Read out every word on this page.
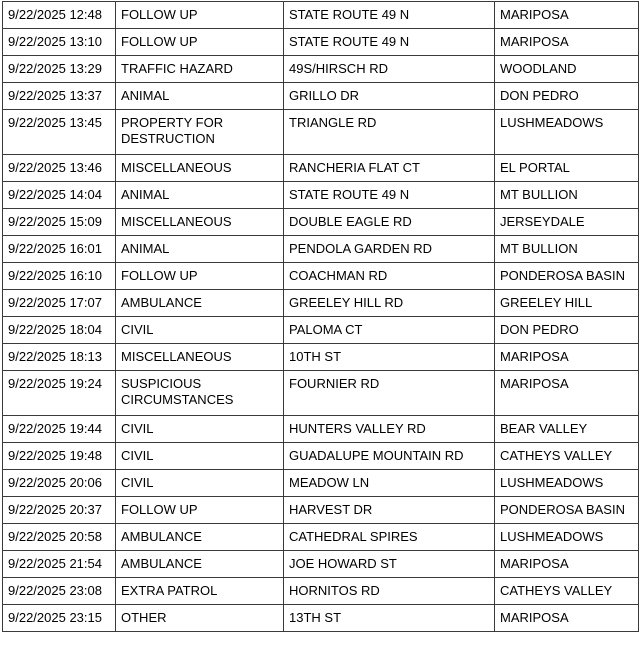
9/22/2025 12:48	FOLLOW UP	STATE ROUTE 49 N	MARIPOSA
9/22/2025 13:10	FOLLOW UP	STATE ROUTE 49 N	MARIPOSA
9/22/2025 13:29	TRAFFIC HAZARD	49S/HIRSCH RD	WOODLAND
9/22/2025 13:37	ANIMAL	GRILLO DR	DON PEDRO
9/22/2025 13:45	PROPERTY FOR DESTRUCTION	TRIANGLE RD	LUSHMEADOWS
9/22/2025 13:46	MISCELLANEOUS	RANCHERIA FLAT CT	EL PORTAL
9/22/2025 14:04	ANIMAL	STATE ROUTE 49 N	MT BULLION
9/22/2025 15:09	MISCELLANEOUS	DOUBLE EAGLE RD	JERSEYDALE
9/22/2025 16:01	ANIMAL	PENDOLA GARDEN RD	MT BULLION
9/22/2025 16:10	FOLLOW UP	COACHMAN RD	PONDEROSA BASIN
9/22/2025 17:07	AMBULANCE	GREELEY HILL RD	GREELEY HILL
9/22/2025 18:04	CIVIL	PALOMA CT	DON PEDRO
9/22/2025 18:13	MISCELLANEOUS	10TH ST	MARIPOSA
9/22/2025 19:24	SUSPICIOUS CIRCUMSTANCES	FOURNIER RD	MARIPOSA
9/22/2025 19:44	CIVIL	HUNTERS VALLEY RD	BEAR VALLEY
9/22/2025 19:48	CIVIL	GUADALUPE MOUNTAIN RD	CATHEYS VALLEY
9/22/2025 20:06	CIVIL	MEADOW LN	LUSHMEADOWS
9/22/2025 20:37	FOLLOW UP	HARVEST DR	PONDEROSA BASIN
9/22/2025 20:58	AMBULANCE	CATHEDRAL SPIRES	LUSHMEADOWS
9/22/2025 21:54	AMBULANCE	JOE HOWARD ST	MARIPOSA
9/22/2025 23:08	EXTRA PATROL	HORNITOS RD	CATHEYS VALLEY
9/22/2025 23:15	OTHER	13TH ST	MARIPOSA
